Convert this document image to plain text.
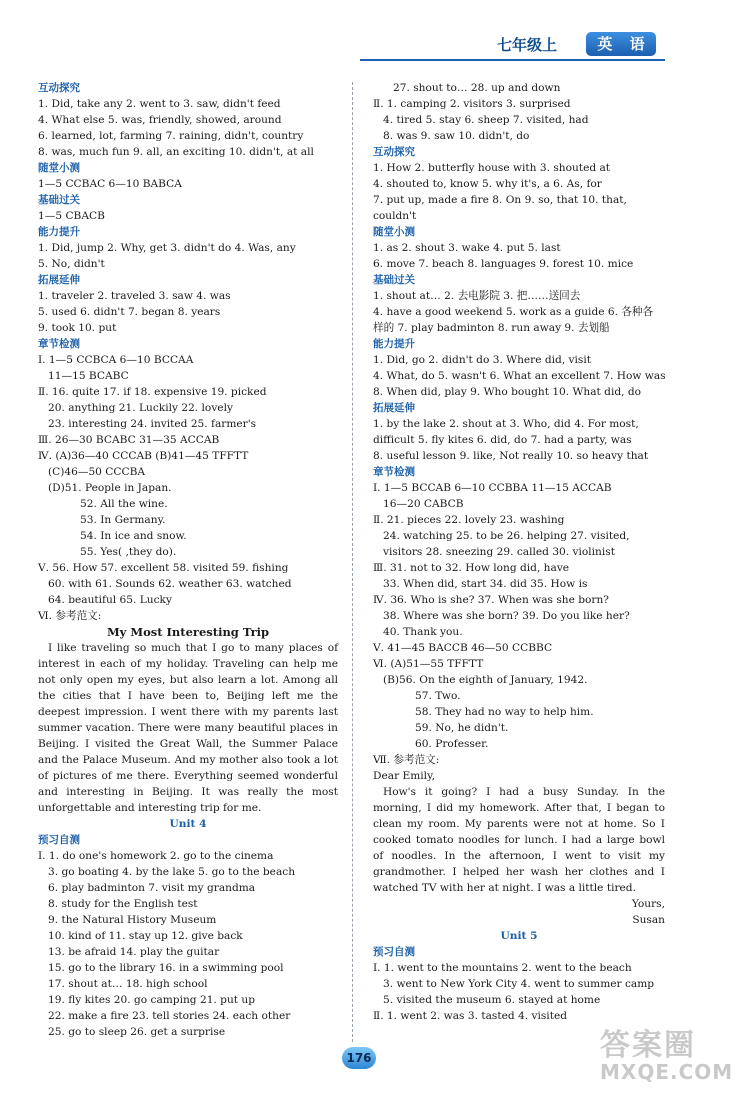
七年级上	英 语
互动探究
1. Did, take any 2. went to 3. saw, didn't feed
4. What else 5. was, friendly, showed, around
6. learned, lot, farming 7. raining, didn't, country
8. was, much fun 9. all, an exciting 10. didn't, at all
随堂小测
1—5 CCBAC 6—10 BABCA
基础过关
1—5 CBACB
能力提升
1. Did, jump 2. Why, get 3. didn't do 4. Was, any
5. No, didn't
拓展延伸
1. traveler 2. traveled 3. saw 4. was
5. used 6. didn't 7. began 8. years
9. took 10. put
章节检测
Ⅰ. 1—5 CCBCA 6—10 BCCAA
11—15 BCABC
Ⅱ. 16. quite 17. if 18. expensive 19. picked
20. anything 21. Luckily 22. lovely
23. interesting 24. invited 25. farmer's
Ⅲ. 26—30 BCABC 31—35 ACCAB
Ⅳ. (A)36—40 CCCAB (B)41—45 TFFTT
(C)46—50 CCCBA
(D)51. People in Japan.
52. All the wine.
53. In Germany.
54. In ice and snow.
55. Yes( ,they do).
Ⅴ. 56. How 57. excellent 58. visited 59. fishing
60. with 61. Sounds 62. weather 63. watched
64. beautiful 65. Lucky
Ⅵ. 参考范文:
My Most Interesting Trip
I like traveling so much that I go to many places of interest in each of my holiday. Traveling can help me not only open my eyes, but also learn a lot. Among all the cities that I have been to, Beijing left me the deepest impression. I went there with my parents last summer vacation. There were many beautiful places in Beijing. I visited the Great Wall, the Summer Palace and the Palace Museum. And my mother also took a lot of pictures of me there. Everything seemed wonderful and interesting in Beijing. It was really the most unforgettable and interesting trip for me.
Unit 4
预习自测
Ⅰ. 1. do one's homework 2. go to the cinema
3. go boating 4. by the lake 5. go to the beach
6. play badminton 7. visit my grandma
8. study for the English test
9. the Natural History Museum
10. kind of 11. stay up 12. give back
13. be afraid 14. play the guitar
15. go to the library 16. in a swimming pool
17. shout at… 18. high school
19. fly kites 20. go camping 21. put up
22. make a fire 23. tell stories 24. each other
25. go to sleep 26. get a surprise
27. shout to… 28. up and down
Ⅱ. 1. camping 2. visitors 3. surprised
4. tired 5. stay 6. sheep 7. visited, had
8. was 9. saw 10. didn't, do
互动探究
1. How 2. butterfly house with 3. shouted at
4. shouted to, know 5. why it's, a 6. As, for
7. put up, made a fire 8. On 9. so, that 10. that,
couldn't
随堂小测
1. as 2. shout 3. wake 4. put 5. last
6. move 7. beach 8. languages 9. forest 10. mice
基础过关
1. shout at… 2. 去电影院 3. 把……送回去
4. have a good weekend 5. work as a guide 6. 各种各
样的 7. play badminton 8. run away 9. 去划船
能力提升
1. Did, go 2. didn't do 3. Where did, visit
4. What, do 5. wasn't 6. What an excellent 7. How was
8. When did, play 9. Who bought 10. What did, do
拓展延伸
1. by the lake 2. shout at 3. Who, did 4. For most,
difficult 5. fly kites 6. did, do 7. had a party, was
8. useful lesson 9. like, Not really 10. so heavy that
章节检测
Ⅰ. 1—5 BCCAB 6—10 CCBBA 11—15 ACCAB
16—20 CABCB
Ⅱ. 21. pieces 22. lovely 23. washing
24. watching 25. to be 26. helping 27. visited,
visitors 28. sneezing 29. called 30. violinist
Ⅲ. 31. not to 32. How long did, have
33. When did, start 34. did 35. How is
Ⅳ. 36. Who is she? 37. When was she born?
38. Where was she born? 39. Do you like her?
40. Thank you.
Ⅴ. 41—45 BACCB 46—50 CCBBC
Ⅵ. (A)51—55 TFFTT
(B)56. On the eighth of January, 1942.
57. Two.
58. They had no way to help him.
59. No, he didn't.
60. Professer.
Ⅶ. 参考范文:
Dear Emily,
How's it going? I had a busy Sunday. In the morning, I did my homework. After that, I began to clean my room. My parents were not at home. So I cooked tomato noodles for lunch. I had a large bowl of noodles. In the afternoon, I went to visit my grandmother. I helped her wash her clothes and I watched TV with her at night. I was a little tired.
Yours,
Susan
Unit 5
预习自测
Ⅰ. 1. went to the mountains 2. went to the beach
3. went to New York City 4. went to summer camp
5. visited the museum 6. stayed at home
Ⅱ. 1. went 2. was 3. tasted 4. visited
176	答案圈
MXQE.COM
